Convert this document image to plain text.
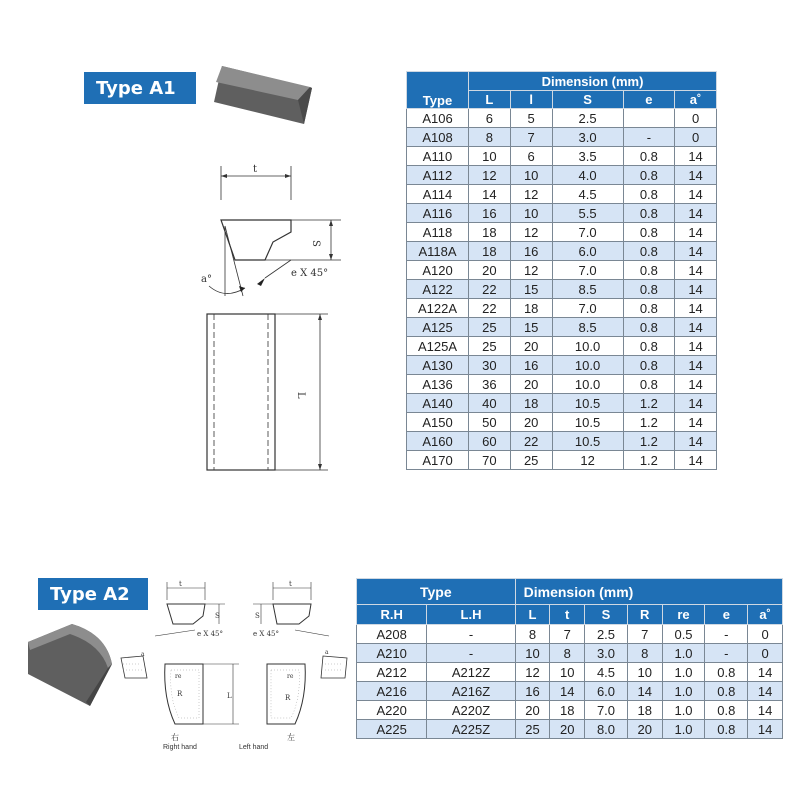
Type A1
t
S
e X 45°
a°
L
Type	Dimension (mm)				
	L	l	S	e	a˚
A106	6	5	2.5		0
A108	8	7	3.0	-	0
A110	10	6	3.5	0.8	14
A112	12	10	4.0	0.8	14
A114	14	12	4.5	0.8	14
A116	16	10	5.5	0.8	14
A118	18	12	7.0	0.8	14
A118A	18	16	6.0	0.8	14
A120	20	12	7.0	0.8	14
A122	22	15	8.5	0.8	14
A122A	22	18	7.0	0.8	14
A125	25	15	8.5	0.8	14
A125A	25	20	10.0	0.8	14
A130	30	16	10.0	0.8	14
A136	36	20	10.0	0.8	14
A140	40	18	10.5	1.2	14
A150	50	20	10.5	1.2	14
A160	60	22	10.5	1.2	14
A170	70	25	12	1.2	14
Type A2	t
S
e X 45°
t
S
e X 45°
a	a
R
re
L	R
re
右	左
Right hand	Left hand
Type		Dimension (mm)						
R.H	L.H	L	t	S	R	re	e	a˚
A208	-	8	7	2.5	7	0.5	-	0
A210	-	10	8	3.0	8	1.0	-	0
A212	A212Z	12	10	4.5	10	1.0	0.8	14
A216	A216Z	16	14	6.0	14	1.0	0.8	14
A220	A220Z	20	18	7.0	18	1.0	0.8	14
A225	A225Z	25	20	8.0	20	1.0	0.8	14
